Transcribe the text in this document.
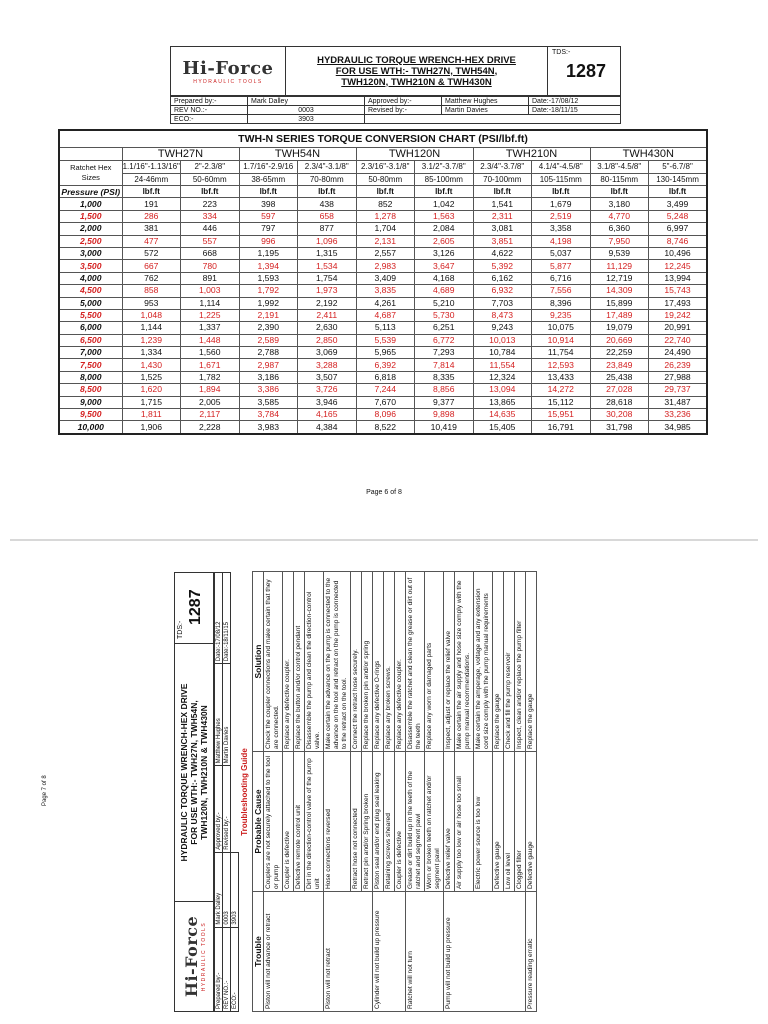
Hi-Force
HYDRAULIC TOOLS
HYDRAULIC TORQUE WRENCH-HEX DRIVE
FOR USE WTH:- TWH27N, TWH54N,
TWH120N, TWH210N & TWH430N
TDS:-
1287
Prepared by:-	Mark Dalley	Approved by:-	Matthew Hughes	Date:-17/08/12
REV NO.:-	0003	Revised by:-	Martin Davies	Date:-18/11/15
ECO:-	3903			
TWH-N SERIES TORQUE CONVERSION CHART (PSI/lbf.ft)										
	TWH27N		TWH54N		TWH120N		TWH210N		TWH430N	
Ratchet Hex Sizes	1.1/16"-1.13/16"	2"-2.3/8"	1.7/16"-2.9/16	2.3/4"-3.1/8"	2.3/16"-3.1/8"	3.1/2"-3.7/8"	2.3/4"-3.7/8"	4.1/4"-4.5/8"	3.1/8"-4.5/8"	5"-6.7/8"
	24-46mm	50-60mm	38-65mm	70-80mm	50-80mm	85-100mm	70-100mm	105-115mm	80-115mm	130-145mm
Pressure (PSI)	lbf.ft	lbf.ft	lbf.ft	lbf.ft	lbf.ft	lbf.ft	lbf.ft	lbf.ft	lbf.ft	lbf.ft
1,000	191	223	398	438	852	1,042	1,541	1,679	3,180	3,499
1,500	286	334	597	658	1,278	1,563	2,311	2,519	4,770	5,248
2,000	381	446	797	877	1,704	2,084	3,081	3,358	6,360	6,997
2,500	477	557	996	1,096	2,131	2,605	3,851	4,198	7,950	8,746
3,000	572	668	1,195	1,315	2,557	3,126	4,622	5,037	9,539	10,496
3,500	667	780	1,394	1,534	2,983	3,647	5,392	5,877	11,129	12,245
4,000	762	891	1,593	1,754	3,409	4,168	6,162	6,716	12,719	13,994
4,500	858	1,003	1,792	1,973	3,835	4,689	6,932	7,556	14,309	15,743
5,000	953	1,114	1,992	2,192	4,261	5,210	7,703	8,396	15,899	17,493
5,500	1,048	1,225	2,191	2,411	4,687	5,730	8,473	9,235	17,489	19,242
6,000	1,144	1,337	2,390	2,630	5,113	6,251	9,243	10,075	19,079	20,991
6,500	1,239	1,448	2,589	2,850	5,539	6,772	10,013	10,914	20,669	22,740
7,000	1,334	1,560	2,788	3,069	5,965	7,293	10,784	11,754	22,259	24,490
7,500	1,430	1,671	2,987	3,288	6,392	7,814	11,554	12,593	23,849	26,239
8,000	1,525	1,782	3,186	3,507	6,818	8,335	12,324	13,433	25,438	27,988
8,500	1,620	1,894	3,386	3,726	7,244	8,856	13,094	14,272	27,028	29,737
9,000	1,715	2,005	3,585	3,946	7,670	9,377	13,865	15,112	28,618	31,487
9,500	1,811	2,117	3,784	4,165	8,096	9,898	14,635	15,951	30,208	33,236
10,000	1,906	2,228	3,983	4,384	8,522	10,419	15,405	16,791	31,798	34,985
Page 6 of 8
Hi-Force HYDRAULIC TOOLS
HYDRAULIC TORQUE WRENCH-HEX DRIVE FOR USE WTH:- TWH27N, TWH54N, TWH120N, TWH210N & TWH430N
TDS:-
1287
Prepared by:-	Mark Dalley	Approved by:-	Matthew Hughes	Date:-17/08/12
REV NO.:-	0003	Revised by:-	Martin Davies	Date:-18/11/15
ECO:-	3903			
Troubleshooting Guide
Trouble	Probable Cause	Solution
Piston will not advance or retract	Couplers are not securely attached to the tool or pump	Check the coupler connections and make certain that they are connected.
	Coupler is defective	Replace any defective coupler.
	Defective remote control unit	Replace the button and/or control pendant
	Dirt in the direction-control valve of the pump unit	Disassemble the pump and clean the direction-control valve.
Piston will not retract	Hose connections reversed	Make certain the advance on the pump is connected to the advance on the tool and retract on the pump is connected to the retract on the tool.
	Retract hose not connected	Connect the retract hose securely.
	Retract pin and/or Spring broken	Replace the broken pin and/or spring
Cylinder will not build up pressure	Piston seal and/or end plug seal leaking	Replace any defective O-rings
	Retaining screws sheared	Replace any broken screws.
	Coupler is defective	Replace any defective coupler.
Ratchet will not turn	Grease or dirt build up in the teeth of the ratchet and segment pawl	Disassemble the ratchet and clean the grease or dirt out of the teeth
	Worn or broken teeth on ratchet and/or segment pawl	Replace any worn or damaged parts
Pump will not build up pressure	Defective relief valve	Inspect, adjust or replace the relief valve
	Air supply too low or air hose too small	Make certain the air supply and hose size comply with the pump manual recommendations.
	Electric power source is too low	Make certain the amperage, voltage and any extension cord size comply with the pump manual requirements
	Defective gauge	Replace the gauge
	Low oil level	Check and fill the pump reservoir
	Clogged filter	Inspect, clean and/or replace the pump filter
Pressure reading erratic	Defective gauge	Replace the gauge
Page 7 of 8
